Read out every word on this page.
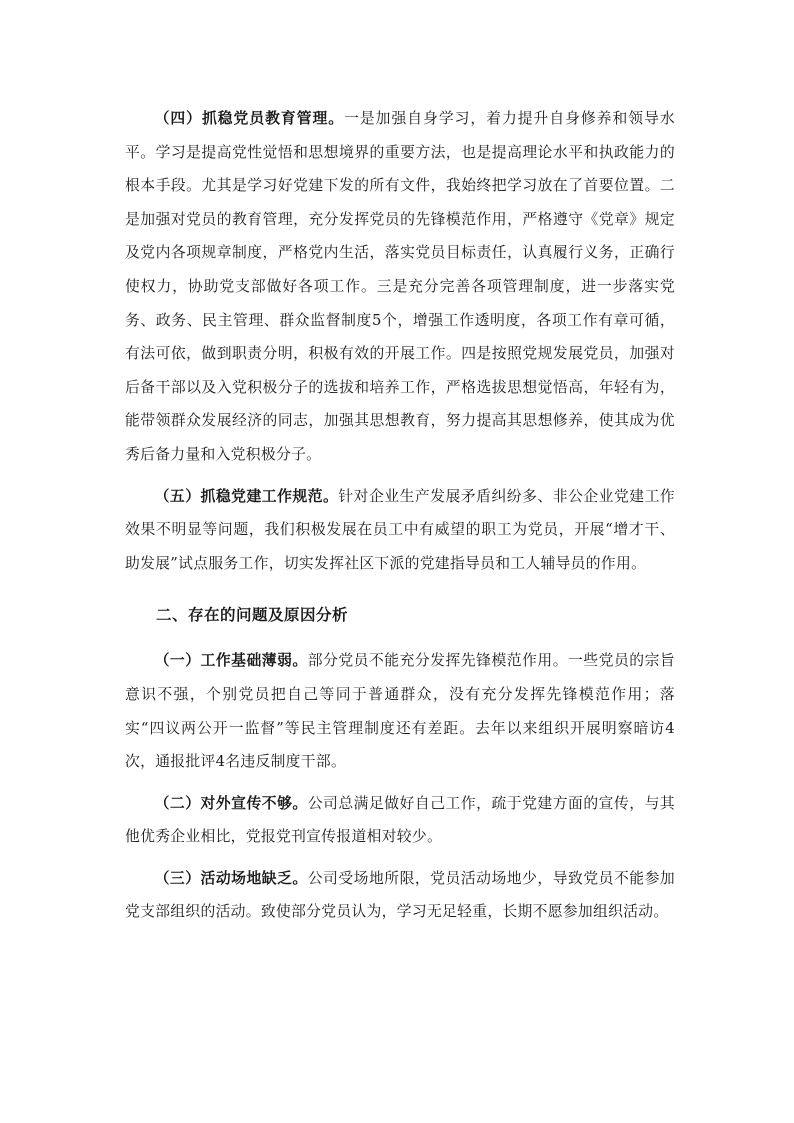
（四）抓稳党员教育管理。一是加强自身学习，着力提升自身修养和领导水平。学习是提高党性觉悟和思想境界的重要方法，也是提高理论水平和执政能力的根本手段。尤其是学习好党建下发的所有文件，我始终把学习放在了首要位置。二是加强对党员的教育管理，充分发挥党员的先锋模范作用，严格遵守《党章》规定及党内各项规章制度，严格党内生活，落实党员目标责任，认真履行义务，正确行使权力，协助党支部做好各项工作。三是充分完善各项管理制度，进一步落实党务、政务、民主管理、群众监督制度5个，增强工作透明度，各项工作有章可循，有法可依，做到职责分明，积极有效的开展工作。四是按照党规发展党员，加强对后备干部以及入党积极分子的选拔和培养工作，严格选拔思想觉悟高，年轻有为，能带领群众发展经济的同志，加强其思想教育，努力提高其思想修养，使其成为优秀后备力量和入党积极分子。

（五）抓稳党建工作规范。针对企业生产发展矛盾纠纷多、非公企业党建工作效果不明显等问题，我们积极发展在员工中有威望的职工为党员，开展“增才干、助发展”试点服务工作，切实发挥社区下派的党建指导员和工人辅导员的作用。

二、存在的问题及原因分析

（一）工作基础薄弱。部分党员不能充分发挥先锋模范作用。一些党员的宗旨意识不强，个别党员把自己等同于普通群众，没有充分发挥先锋模范作用；落实“四议两公开一监督”等民主管理制度还有差距。去年以来组织开展明察暗访4次，通报批评4名违反制度干部。

（二）对外宣传不够。公司总满足做好自己工作，疏于党建方面的宣传，与其他优秀企业相比，党报党刊宣传报道相对较少。

（三）活动场地缺乏。公司受场地所限，党员活动场地少，导致党员不能参加党支部组织的活动。致使部分党员认为，学习无足轻重，长期不愿参加组织活动。
